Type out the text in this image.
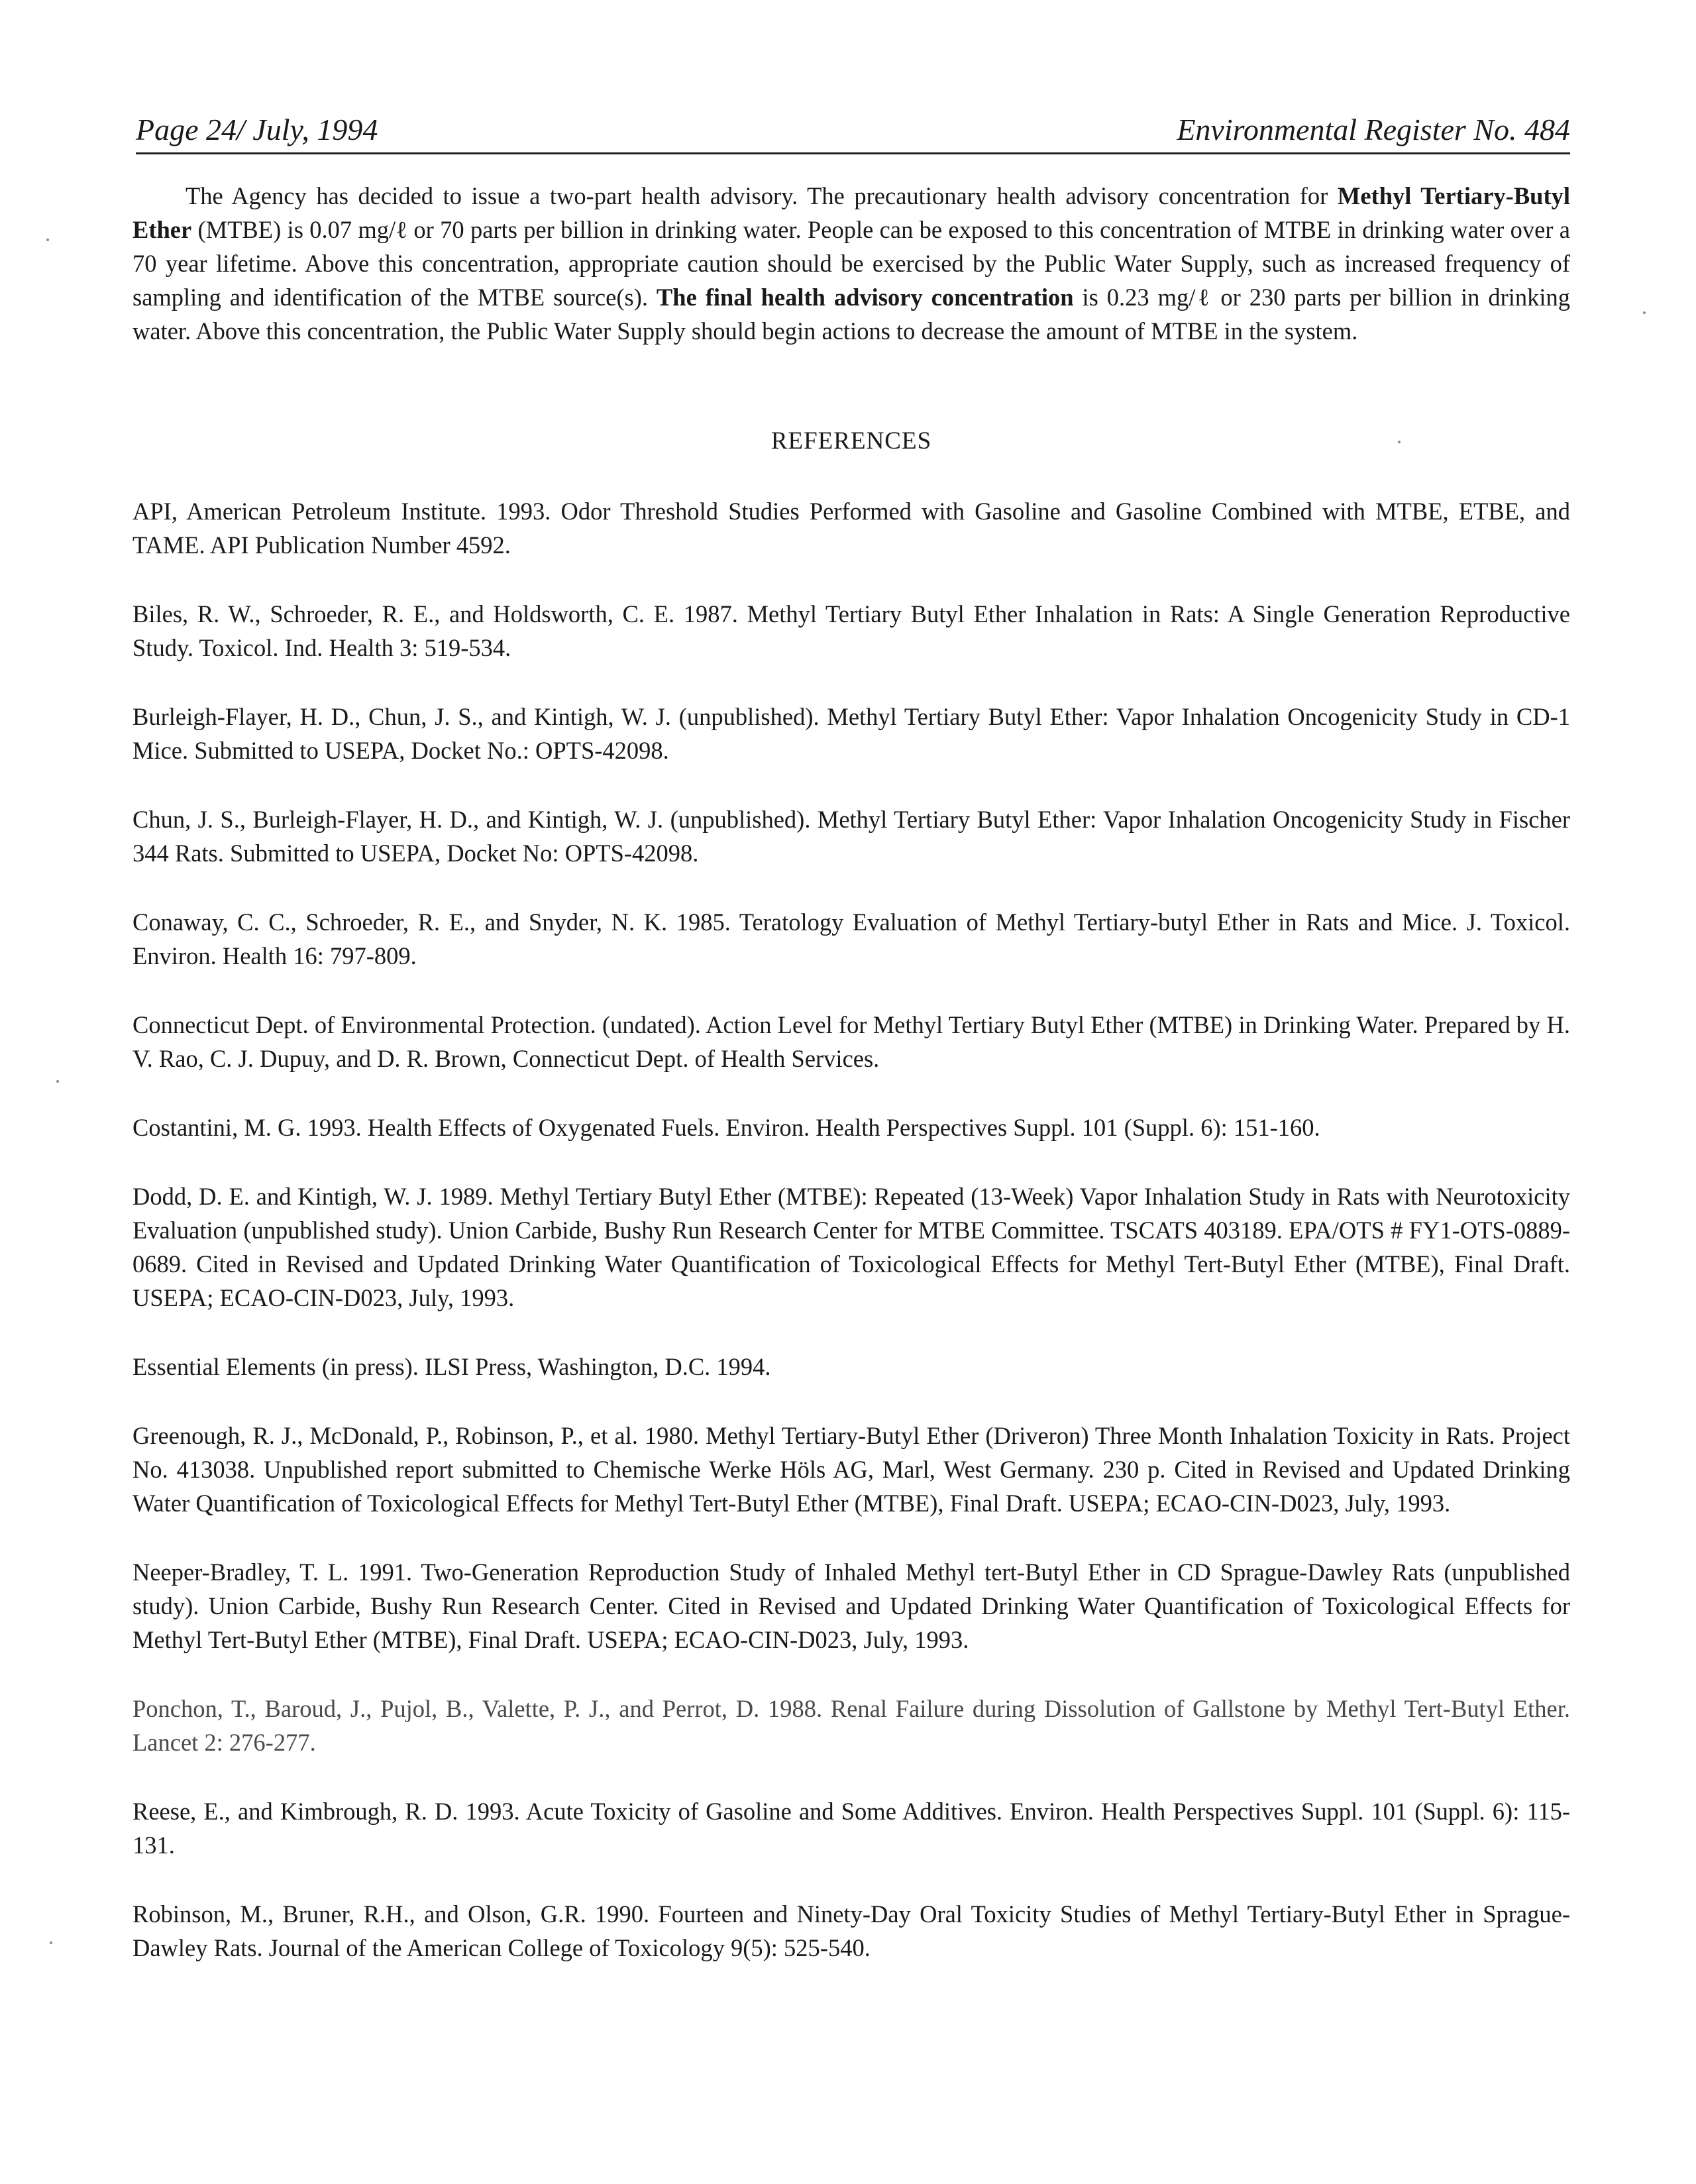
Page 24/ July, 1994	Environmental Register No. 484

The Agency has decided to issue a two-part health advisory. The precautionary health advisory concentration for Methyl Tertiary-Butyl Ether (MTBE) is 0.07 mg/ℓ or 70 parts per billion in drinking water. People can be exposed to this concentration of MTBE in drinking water over a 70 year lifetime. Above this concentration, appropriate caution should be exercised by the Public Water Supply, such as increased frequency of sampling and identification of the MTBE source(s). The final health advisory concentration is 0.23 mg/ℓ or 230 parts per billion in drinking water. Above this concentration, the Public Water Supply should begin actions to decrease the amount of MTBE in the system.

REFERENCES
API, American Petroleum Institute. 1993. Odor Threshold Studies Performed with Gasoline and Gasoline Combined with MTBE, ETBE, and TAME. API Publication Number 4592.
Biles, R. W., Schroeder, R. E., and Holdsworth, C. E. 1987. Methyl Tertiary Butyl Ether Inhalation in Rats: A Single Generation Reproductive Study. Toxicol. Ind. Health 3: 519-534.
Burleigh-Flayer, H. D., Chun, J. S., and Kintigh, W. J. (unpublished). Methyl Tertiary Butyl Ether: Vapor Inhalation Oncogenicity Study in CD-1 Mice. Submitted to USEPA, Docket No.: OPTS-42098.
Chun, J. S., Burleigh-Flayer, H. D., and Kintigh, W. J. (unpublished). Methyl Tertiary Butyl Ether: Vapor Inhalation Oncogenicity Study in Fischer 344 Rats. Submitted to USEPA, Docket No: OPTS-42098.
Conaway, C. C., Schroeder, R. E., and Snyder, N. K. 1985. Teratology Evaluation of Methyl Tertiary-butyl Ether in Rats and Mice. J. Toxicol. Environ. Health 16: 797-809.
Connecticut Dept. of Environmental Protection. (undated). Action Level for Methyl Tertiary Butyl Ether (MTBE) in Drinking Water. Prepared by H. V. Rao, C. J. Dupuy, and D. R. Brown, Connecticut Dept. of Health Services.
Costantini, M. G. 1993. Health Effects of Oxygenated Fuels. Environ. Health Perspectives Suppl. 101 (Suppl. 6): 151-160.
Dodd, D. E. and Kintigh, W. J. 1989. Methyl Tertiary Butyl Ether (MTBE): Repeated (13-Week) Vapor Inhalation Study in Rats with Neurotoxicity Evaluation (unpublished study). Union Carbide, Bushy Run Research Center for MTBE Committee. TSCATS 403189. EPA/OTS # FY1-OTS-0889-0689. Cited in Revised and Updated Drinking Water Quantification of Toxicological Effects for Methyl Tert-Butyl Ether (MTBE), Final Draft. USEPA; ECAO-CIN-D023, July, 1993.
Essential Elements (in press). ILSI Press, Washington, D.C. 1994.
Greenough, R. J., McDonald, P., Robinson, P., et al. 1980. Methyl Tertiary-Butyl Ether (Driveron) Three Month Inhalation Toxicity in Rats. Project No. 413038. Unpublished report submitted to Chemische Werke Höls AG, Marl, West Germany. 230 p. Cited in Revised and Updated Drinking Water Quantification of Toxicological Effects for Methyl Tert-Butyl Ether (MTBE), Final Draft. USEPA; ECAO-CIN-D023, July, 1993.
Neeper-Bradley, T. L. 1991. Two-Generation Reproduction Study of Inhaled Methyl tert-Butyl Ether in CD Sprague-Dawley Rats (unpublished study). Union Carbide, Bushy Run Research Center. Cited in Revised and Updated Drinking Water Quantification of Toxicological Effects for Methyl Tert-Butyl Ether (MTBE), Final Draft. USEPA; ECAO-CIN-D023, July, 1993.
Ponchon, T., Baroud, J., Pujol, B., Valette, P. J., and Perrot, D. 1988. Renal Failure during Dissolution of Gallstone by Methyl Tert-Butyl Ether. Lancet 2: 276-277.
Reese, E., and Kimbrough, R. D. 1993. Acute Toxicity of Gasoline and Some Additives. Environ. Health Perspectives Suppl. 101 (Suppl. 6): 115-131.
Robinson, M., Bruner, R.H., and Olson, G.R. 1990. Fourteen and Ninety-Day Oral Toxicity Studies of Methyl Tertiary-Butyl Ether in Sprague-Dawley Rats. Journal of the American College of Toxicology 9(5): 525-540.
